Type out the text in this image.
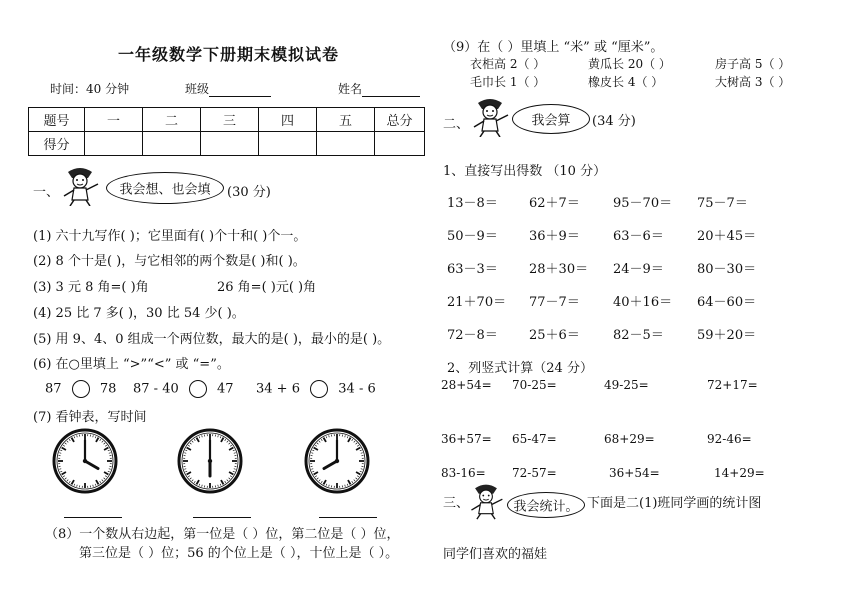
一年级数学下册期末模拟试卷
时间：40 分钟	班级	姓名
题号	一	二	三	四	五	总分
得分						
一、	我会想、也会填	(30 分)
(1) 六十九写作( )；它里面有( )个十和( )个一。
(2) 8 个十是( )，与它相邻的两个数是( )和( )。
(3) 3 元 8 角=( )角	26 角=( )元( )角
(4) 25 比 7 多( )，30 比 54 少( )。
(5) 用 9、4、0 组成一个两位数，最大的是( )，最小的是( )。
(6) 在○里填上 “>”“<” 或 “=”。
87	78 87 - 40	47 34 + 6	34 - 6
(7) 看钟表，写时间
（8）一个数从右边起，第一位是（ ）位，第二位是（ ）位，
第三位是（ ）位；56 的个位上是（ ），十位上是（ ）。
（9）在（ ）里填上 “米” 或 “厘米”。
衣柜高 2（ ）	黄瓜长 20（ ）	房子高 5（ ）
毛巾长 1（ ）	橡皮长 4（ ）	大树高 3（ ）
二、	我会算	(34 分)
1、直接写出得数 （10 分）
13－8＝	62＋7＝	95－70＝	75－7＝
50－9＝	36＋9＝	63－6＝	20＋45＝
63－3＝	28＋30＝	24－9＝	80－30＝
21＋70＝	77－7＝	40＋16＝	64－60＝
72－8＝	25＋6＝	82－5＝	59＋20＝
2、列竖式计算（24 分）
28+54= 70-25=	49-25=	72+17=
36+57= 65-47=	68+29=	92-46=
83-16= 72-57=	36+54=	14+29=
三、	我会统计。 下面是二(1)班同学画的统计图
同学们喜欢的福娃
